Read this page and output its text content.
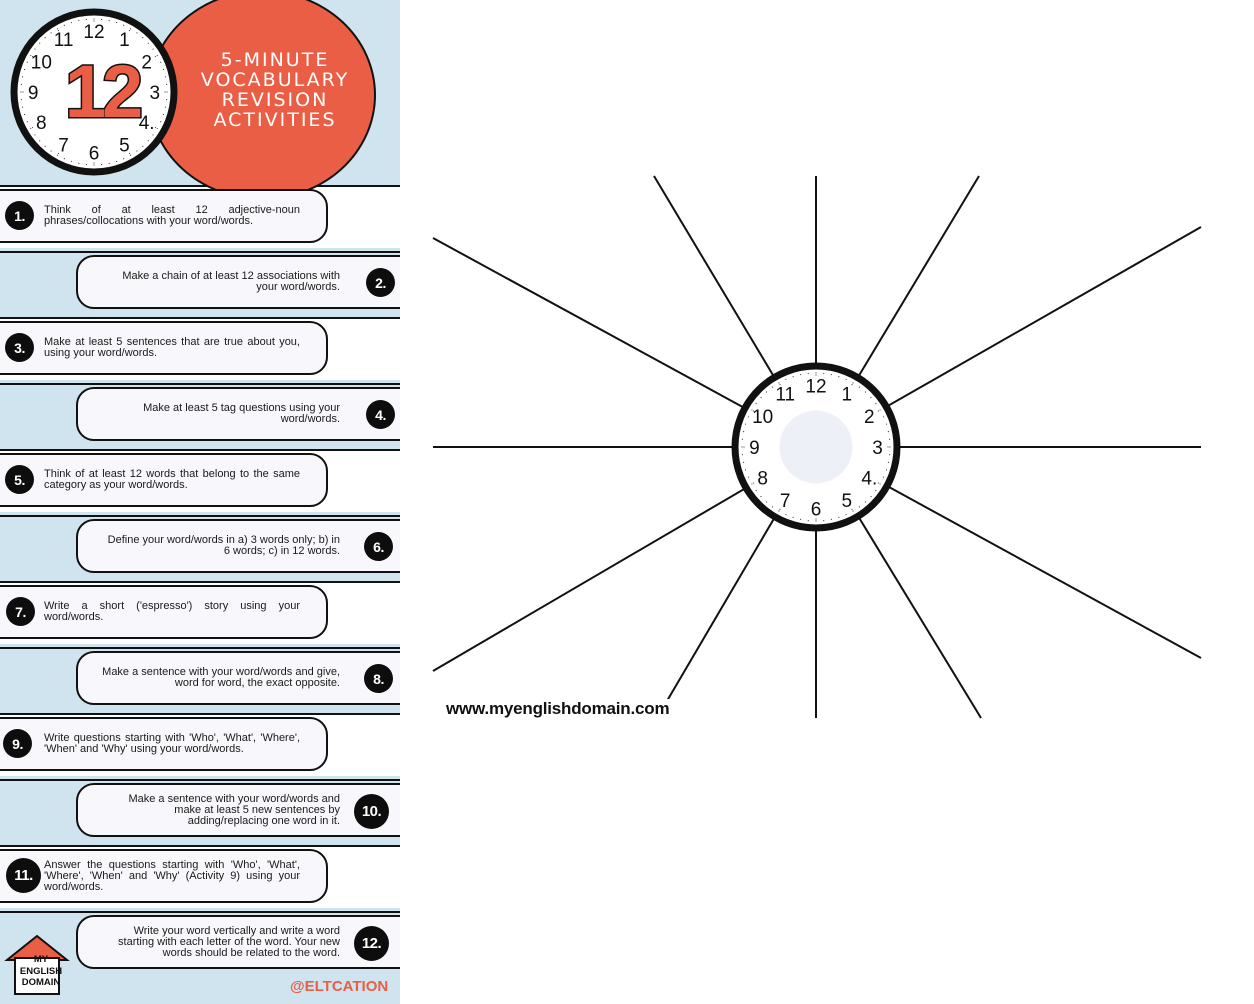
5-MINUTE
VOCABULARY
REVISION
ACTIVITIES
12 1
2
3
4.
5
6
7
8
9
10
11
12
Think of at least 12 adjective-noun phrases/collocations with your word/words.
1.
Make a chain of at least 12 associations with your word/words.	2.
Make at least 5 sentences that are true about you, using your word/words.
3.
Make at least 5 tag questions using your word/words.	4.
Think of at least 12 words that belong to the same category as your word/words.
5.
Define your word/words in a) 3 words only; b) in 6 words; c) in 12 words.	6.
Write a short ('espresso') story using your word/words.
7.
Make a sentence with your word/words and give, word for word, the exact opposite.	8.
Write questions starting with 'Who', 'What', 'Where', 'When' and 'Why' using your word/words.
9.
Make a sentence with your word/words and make at least 5 new sentences by adding/replacing one word in it.
10.
Answer the questions starting with 'Who', 'What', 'Where', 'When' and 'Why' (Activity 9) using your word/words.
11.
Write your word vertically and write a word starting with each letter of the word. Your new words should be related to the word.
12.
MY
ENGLISH
DOMAIN	@ELTCATION
12 1
2
3
4.
5
6
7
8
9
10
11
www.myenglishdomain.com
